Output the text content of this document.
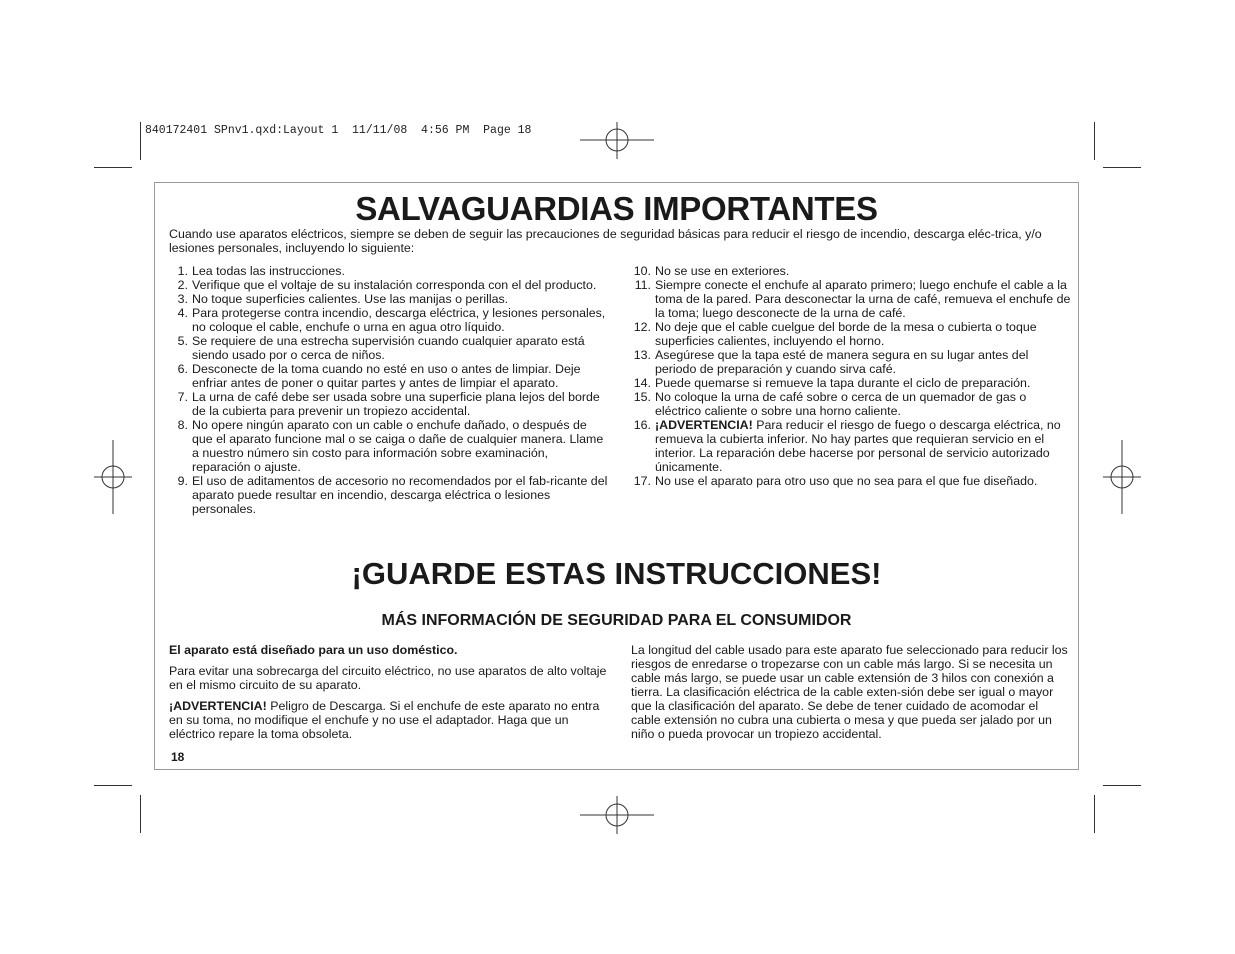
840172401 SPnv1.qxd:Layout 1  11/11/08  4:56 PM  Page 18
SALVAGUARDIAS IMPORTANTES

Cuando use aparatos eléctricos, siempre se deben de seguir las precauciones de seguridad básicas para reducir el riesgo de incendio, descarga eléc-trica, y/o lesiones personales, incluyendo lo siguiente:

1. Lea todas las instrucciones.
2. Verifique que el voltaje de su instalación corresponda con el del producto.
3. No toque superficies calientes. Use las manijas o perillas.
4. Para protegerse contra incendio, descarga eléctrica, y lesiones personales, no coloque el cable, enchufe o urna en agua otro líquido.
5. Se requiere de una estrecha supervisión cuando cualquier aparato está siendo usado por o cerca de niños.
6. Desconecte de la toma cuando no esté en uso o antes de limpiar. Deje enfriar antes de poner o quitar partes y antes de limpiar el aparato.
7. La urna de café debe ser usada sobre una superficie plana lejos del borde de la cubierta para prevenir un tropiezo accidental.
8. No opere ningún aparato con un cable o enchufe dañado, o después de que el aparato funcione mal o se caiga o dañe de cualquier manera. Llame a nuestro número sin costo para información sobre examinación, reparación o ajuste.
9. El uso de aditamentos de accesorio no recomendados por el fab-ricante del aparato puede resultar en incendio, descarga eléctrica o lesiones personales.
10. No se use en exteriores.
11. Siempre conecte el enchufe al aparato primero; luego enchufe el cable a la toma de la pared. Para desconectar la urna de café, remueva el enchufe de la toma; luego desconecte de la urna de café.
12. No deje que el cable cuelgue del borde de la mesa o cubierta o toque superficies calientes, incluyendo el horno.
13. Asegúrese que la tapa esté de manera segura en su lugar antes del periodo de preparación y cuando sirva café.
14. Puede quemarse si remueve la tapa durante el ciclo de preparación.
15. No coloque la urna de café sobre o cerca de un quemador de gas o eléctrico caliente o sobre una horno caliente.
16. ¡ADVERTENCIA! Para reducir el riesgo de fuego o descarga eléctrica, no remueva la cubierta inferior. No hay partes que requieran servicio en el interior. La reparación debe hacerse por personal de servicio autorizado únicamente.
17. No use el aparato para otro uso que no sea para el que fue diseñado.
¡GUARDE ESTAS INSTRUCCIONES!
MÁS INFORMACIÓN DE SEGURIDAD PARA EL CONSUMIDOR

El aparato está diseñado para un uso doméstico.

Para evitar una sobrecarga del circuito eléctrico, no use aparatos de alto voltaje en el mismo circuito de su aparato.

¡ADVERTENCIA! Peligro de Descarga. Si el enchufe de este aparato no entra en su toma, no modifique el enchufe y no use el adaptador. Haga que un eléctrico repare la toma obsoleta.

La longitud del cable usado para este aparato fue seleccionado para reducir los riesgos de enredarse o tropezarse con un cable más largo. Si se necesita un cable más largo, se puede usar un cable extensión de 3 hilos con conexión a tierra. La clasificación eléctrica de la cable exten-sión debe ser igual o mayor que la clasificación del aparato. Se debe de tener cuidado de acomodar el cable extensión no cubra una cubierta o mesa y que pueda ser jalado por un niño o pueda provocar un tropiezo accidental.

18
